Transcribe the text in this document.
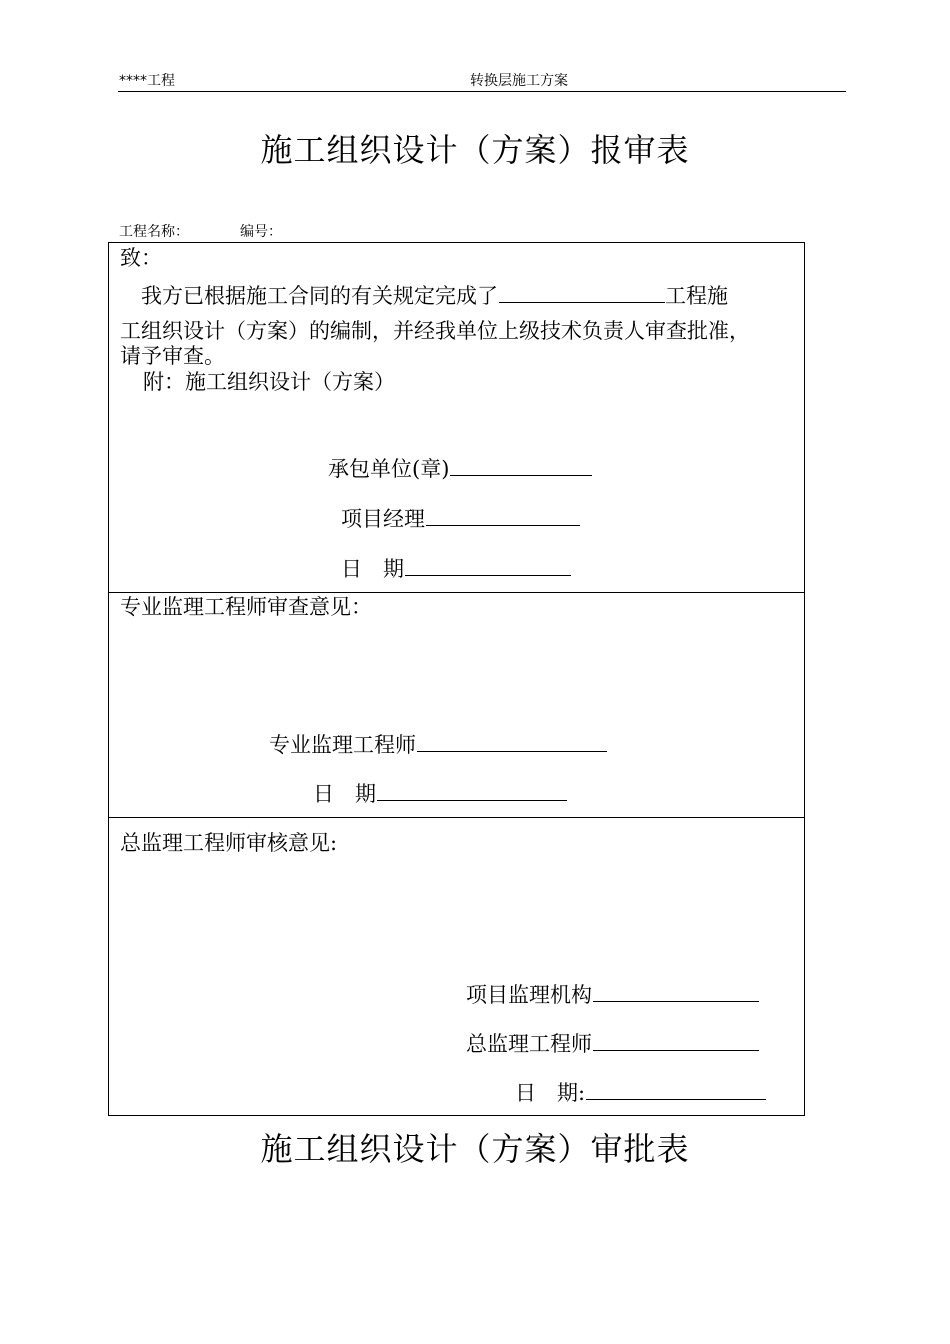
****工程	转换层施工方案
施工组织设计（方案）报审表
工程名称：	编号：
致：
我方已根据施工合同的有关规定完成了	工程施
工组织设计（方案）的编制，并经我单位上级技术负责人审查批准，
请予审查。
附：施工组织设计（方案）
承包单位(章)
项目经理
日　期
专业监理工程师审查意见：
专业监理工程师
日　期
总监理工程师审核意见:
项目监理机构
总监理工程师
日　期:
施工组织设计（方案）审批表
